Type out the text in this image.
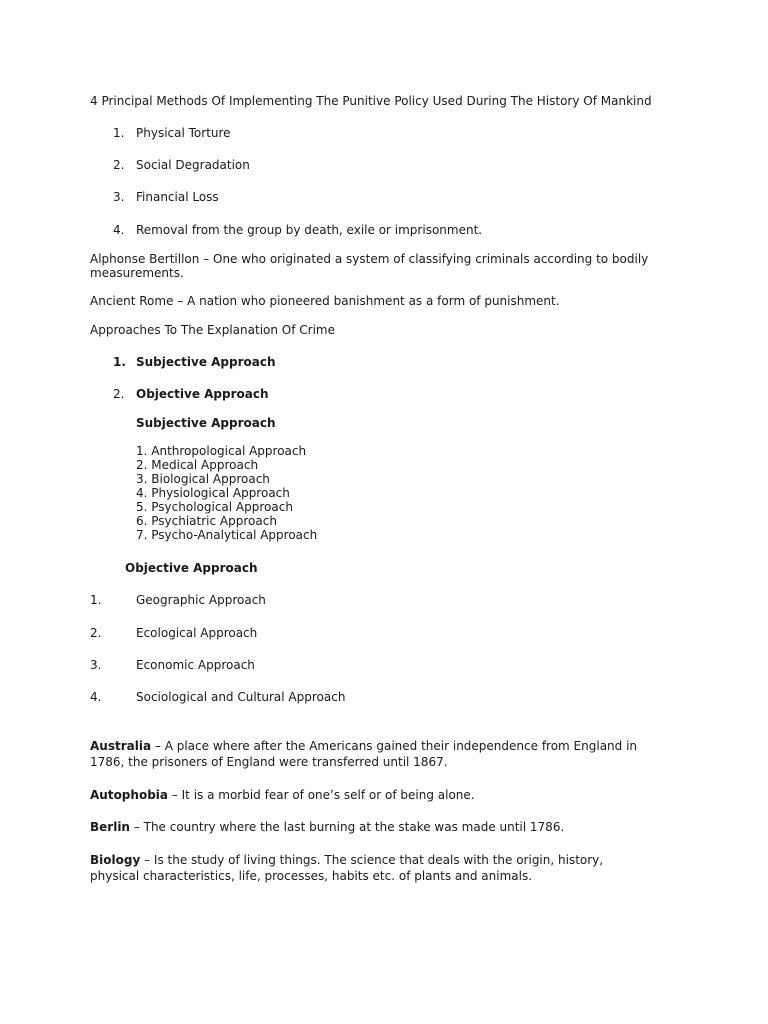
4 Principal Methods Of Implementing The Punitive Policy Used During The History Of Mankind
1. Physical Torture
2. Social Degradation
3. Financial Loss
4. Removal from the group by death, exile or imprisonment.
Alphonse Bertillon – One who originated a system of classifying criminals according to bodily measurements.
Ancient Rome – A nation who pioneered banishment as a form of punishment.
Approaches To The Explanation Of Crime
1. Subjective Approach
2. Objective Approach
Subjective Approach
1. Anthropological Approach
2. Medical Approach
3. Biological Approach
4. Physiological Approach
5. Psychological Approach
6. Psychiatric Approach
7. Psycho-Analytical Approach
Objective Approach
1.	Geographic Approach
2.	Ecological Approach
3.	Economic Approach
4.	Sociological and Cultural Approach
Australia – A place where after the Americans gained their independence from England in 1786, the prisoners of England were transferred until 1867.
Autophobia – It is a morbid fear of one’s self or of being alone.
Berlin – The country where the last burning at the stake was made until 1786.
Biology – Is the study of living things. The science that deals with the origin, history, physical characteristics, life, processes, habits etc. of plants and animals.
